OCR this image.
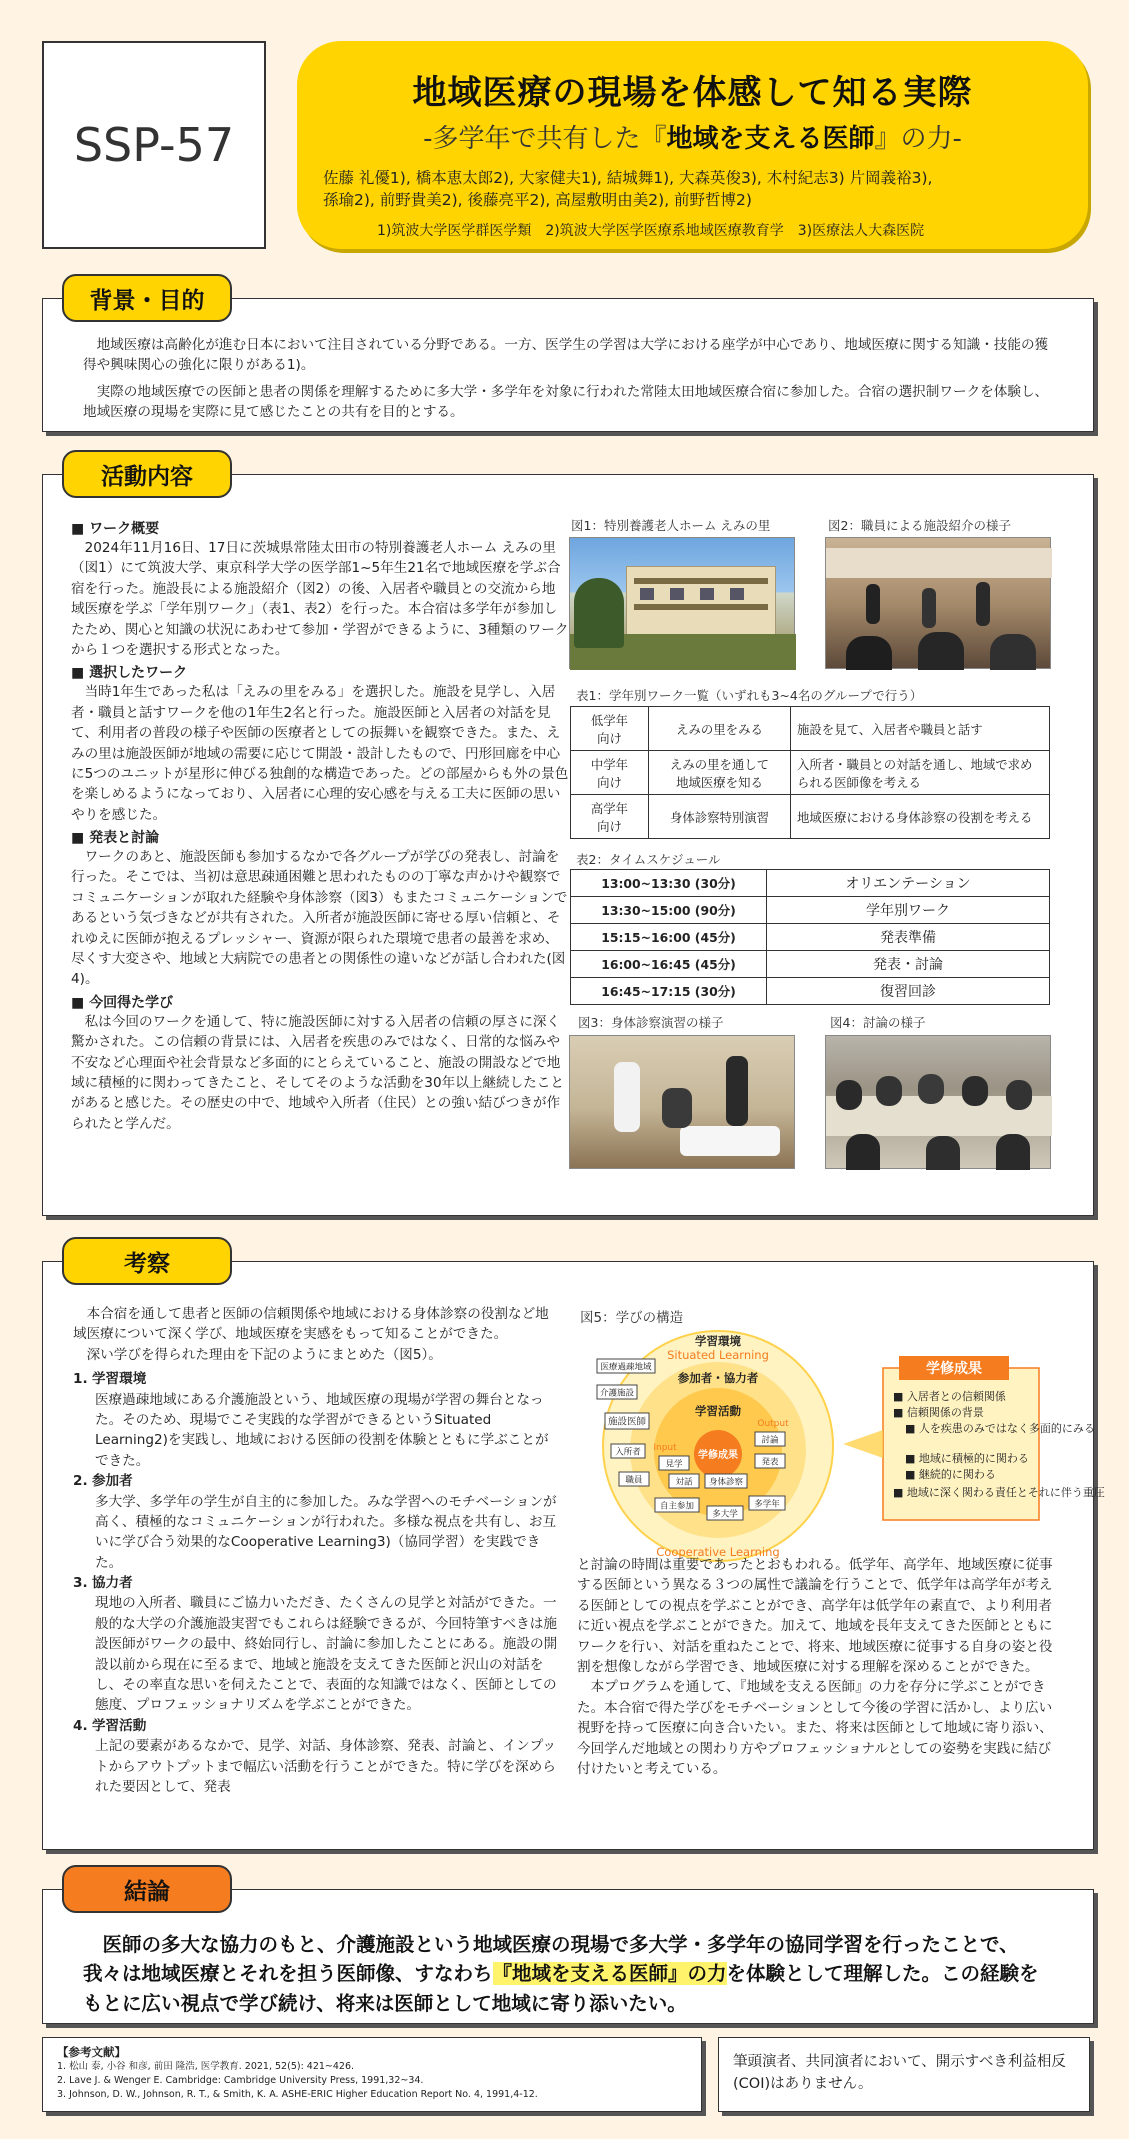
SSP-57
地域医療の現場を体感して知る実際
-多学年で共有した『地域を支える医師』の力-
佐藤 礼優1), 橋本恵太郎2), 大家健夫1), 結城舞1), 大森英俊3), 木村紀志3) 片岡義裕3),
孫瑜2), 前野貴美2), 後藤亮平2), 高屋敷明由美2), 前野哲博2)
1)筑波大学医学群医学類　2)筑波大学医学医療系地域医療教育学　3)医療法人大森医院
背景・目的
地域医療は高齢化が進む日本において注目されている分野である。一方、医学生の学習は大学における座学が中心であり、地域医療に関する知識・技能の獲得や興味関心の強化に限りがある1)。
実際の地域医療での医師と患者の関係を理解するために多大学・多学年を対象に行われた常陸太田地域医療合宿に参加した。合宿の選択制ワークを体験し、地域医療の現場を実際に見て感じたことの共有を目的とする。
活動内容
■ ワーク概要
2024年11月16日、17日に茨城県常陸太田市の特別養護老人ホーム えみの里（図1）にて筑波大学、東京科学大学の医学部1~5年生21名で地域医療を学ぶ合宿を行った。施設長による施設紹介（図2）の後、入居者や職員との交流から地域医療を学ぶ「学年別ワーク」（表1、表2）を行った。本合宿は多学年が参加したため、関心と知識の状況にあわせて参加・学習ができるように、3種類のワークから１つを選択する形式となった。
■ 選択したワーク
当時1年生であった私は「えみの里をみる」を選択した。施設を見学し、入居者・職員と話すワークを他の1年生2名と行った。施設医師と入居者の対話を見て、利用者の普段の様子や医師の医療者としての振舞いを観察できた。また、えみの里は施設医師が地域の需要に応じて開設・設計したもので、円形回廊を中心に5つのユニットが星形に伸びる独創的な構造であった。どの部屋からも外の景色を楽しめるようになっており、入居者に心理的安心感を与える工夫に医師の思いやりを感じた。
■ 発表と討論
ワークのあと、施設医師も参加するなかで各グループが学びの発表し、討論を行った。そこでは、当初は意思疎通困難と思われたものの丁寧な声かけや観察でコミュニケーションが取れた経験や身体診察（図3）もまたコミュニケーションであるという気づきなどが共有された。入所者が施設医師に寄せる厚い信頼と、それゆえに医師が抱えるプレッシャー、資源が限られた環境で患者の最善を求め、尽くす大変さや、地域と大病院での患者との関係性の違いなどが話し合われた(図4)。
■ 今回得た学び
私は今回のワークを通して、特に施設医師に対する入居者の信頼の厚さに深く驚かされた。この信頼の背景には、入居者を疾患のみではなく、日常的な悩みや不安など心理面や社会背景など多面的にとらえていること、施設の開設などで地域に積極的に関わってきたこと、そしてそのような活動を30年以上継続したことがあると感じた。その歴史の中で、地域や入所者（住民）との強い結びつきが作られたと学んだ。
図1：特別養護老人ホーム えみの里	図2：職員による施設紹介の様子
表1：学年別ワーク一覧（いずれも3~4名のグループで行う）
低学年
向け	えみの里をみる	施設を見て、入居者や職員と話す
中学年
向け	えみの里を通して
地域医療を知る	入所者・職員との対話を通し、地域で求められる医師像を考える
高学年
向け	身体診察特別演習	地域医療における身体診察の役割を考える
表2：タイムスケジュール
13:00~13:30 (30分)	オリエンテーション
13:30~15:00 (90分)	学年別ワーク
15:15~16:00 (45分)	発表準備
16:00~16:45 (45分)	発表・討論
16:45~17:15 (30分)	復習回診
図3：身体診察演習の様子	図4：討論の様子
考察
本合宿を通して患者と医師の信頼関係や地域における身体診察の役割など地域医療について深く学び、地域医療を実感をもって知ることができた。
深い学びを得られた理由を下記のようにまとめた（図5）。
1. 学習環境
医療過疎地域にある介護施設という、地域医療の現場が学習の舞台となった。そのため、現場でこそ実践的な学習ができるというSituated Learning2)を実践し、地域における医師の役割を体験とともに学ぶことができた。
2. 参加者
多大学、多学年の学生が自主的に参加した。みな学習へのモチベーションが高く、積極的なコミュニケーションが行われた。多様な視点を共有し、お互いに学び合う効果的なCooperative Learning3)（協同学習）を実践できた。
3. 協力者
現地の入所者、職員にご協力いただき、たくさんの見学と対話ができた。一般的な大学の介護施設実習でもこれらは経験できるが、今回特筆すべきは施設医師がワークの最中、終始同行し、討論に参加したことにある。施設の開設以前から現在に至るまで、地域と施設を支えてきた医師と沢山の対話をし、その率直な思いを伺えたことで、表面的な知識ではなく、医師としての態度、プロフェッショナリズムを学ぶことができた。
4. 学習活動
上記の要素があるなかで、見学、対話、身体診察、発表、討論と、インプットからアウトプットまで幅広い活動を行うことができた。特に学びを深められた要因として、発表
図5：学びの構造
学習環境
Situated Learning
参加者・協力者
学習活動
学修成果
Input
Output
Cooperative Learning
医療過疎地域
介護施設
施設医師
入所者
職員
見学
対話 身体診察
討論
発表
自主参加
多大学
多学年
学修成果
■ 入居者との信頼関係
■ 信頼関係の背景
■ 人を疾患のみではなく多面的にみる
■ 地域に積極的に関わる
■ 継続的に関わる
■ 地域に深く関わる責任とそれに伴う重圧
と討論の時間は重要であったとおもわれる。低学年、高学年、地域医療に従事する医師という異なる３つの属性で議論を行うことで、低学年は高学年が考える医師としての視点を学ぶことができ、高学年は低学年の素直で、より利用者に近い視点を学ぶことができた。加えて、地域を長年支えてきた医師とともにワークを行い、対話を重ねたことで、将来、地域医療に従事する自身の姿と役割を想像しながら学習でき、地域医療に対する理解を深めることができた。
本プログラムを通して、『地域を支える医師』の力を存分に学ぶことができた。本合宿で得た学びをモチベーションとして今後の学習に活かし、より広い視野を持って医療に向き合いたい。また、将来は医師として地域に寄り添い、今回学んだ地域との関わり方やプロフェッショナルとしての姿勢を実践に結び付けたいと考えている。
結論
医師の多大な協力のもと、介護施設という地域医療の現場で多大学・多学年の協同学習を行ったことで、我々は地域医療とそれを担う医師像、すなわち『地域を支える医師』の力を体験として理解した。この経験をもとに広い視点で学び続け、将来は医師として地域に寄り添いたい。
【参考文献】
1. 松山 泰, 小谷 和彦, 前田 隆浩, 医学教育. 2021, 52(5): 421~426.
2. Lave J. & Wenger E. Cambridge: Cambridge University Press, 1991,32~34.
3. Johnson, D. W., Johnson, R. T., & Smith, K. A. ASHE-ERIC Higher Education Report No. 4, 1991,4-12.
筆頭演者、共同演者において、開示すべき利益相反(COI)はありません。
